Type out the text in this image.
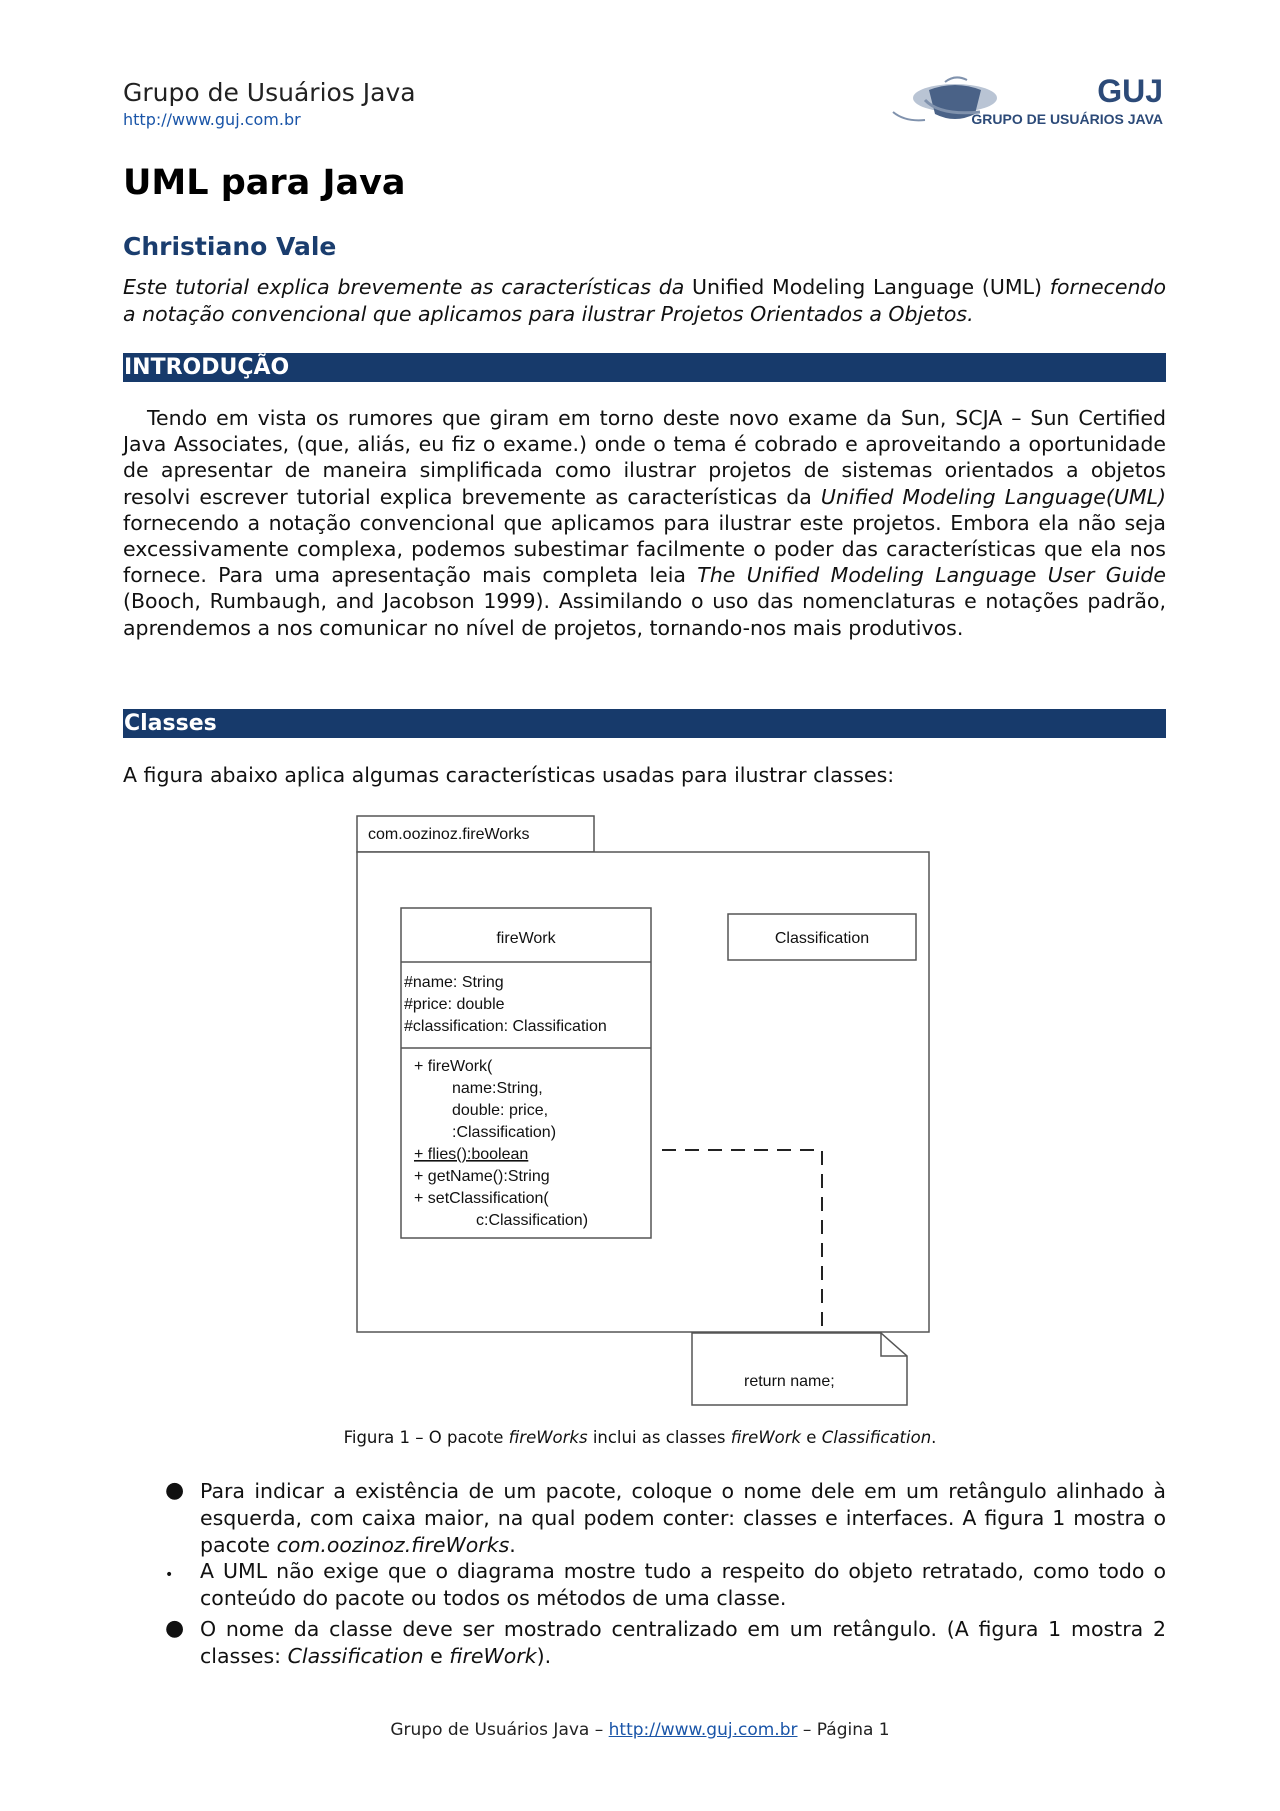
Grupo de Usuários Java
http://www.guj.com.br
GUJ
GRUPO DE USUÁRIOS JAVA
UML para Java
Christiano Vale
Este tutorial explica brevemente as características da Unified Modeling Language (UML) fornecendo a notação convencional que aplicamos para ilustrar Projetos Orientados a Objetos.
INTRODUÇÃO
Tendo em vista os rumores que giram em torno deste novo exame da Sun, SCJA – Sun Certified Java Associates, (que, aliás, eu fiz o exame.) onde o tema é cobrado e aproveitando a oportunidade de apresentar de maneira simplificada como ilustrar projetos de sistemas orientados a objetos resolvi escrever tutorial explica brevemente as características da Unified Modeling Language(UML) fornecendo a notação convencional que aplicamos para ilustrar este projetos. Embora ela não seja excessivamente complexa, podemos subestimar facilmente o poder das características que ela nos fornece. Para uma apresentação mais completa leia The Unified Modeling Language User Guide (Booch, Rumbaugh, and Jacobson 1999). Assimilando o uso das nomenclaturas e notações padrão, aprendemos a nos comunicar no nível de projetos, tornando-nos mais produtivos.
Classes
A figura abaixo aplica algumas características usadas para ilustrar classes:
com.oozinoz.fireWorks
fireWork
#name: String
#price: double
#classification: Classification
+ fireWork(
name:String,
double: price,
:Classification)
+ flies():boolean
+ getName():String
+ setClassification(
c:Classification)
Classification
return name;
Figura 1 – O pacote fireWorks inclui as classes fireWork e Classification.
● Para indicar a existência de um pacote, coloque o nome dele em um retângulo alinhado à esquerda, com caixa maior, na qual podem conter: classes e interfaces. A figura 1 mostra o pacote com.oozinoz.fireWorks.
• A UML não exige que o diagrama mostre tudo a respeito do objeto retratado, como todo o conteúdo do pacote ou todos os métodos de uma classe.
● O nome da classe deve ser mostrado centralizado em um retângulo. (A figura 1 mostra 2 classes: Classification e fireWork).
Grupo de Usuários Java – http://www.guj.com.br – Página 1
